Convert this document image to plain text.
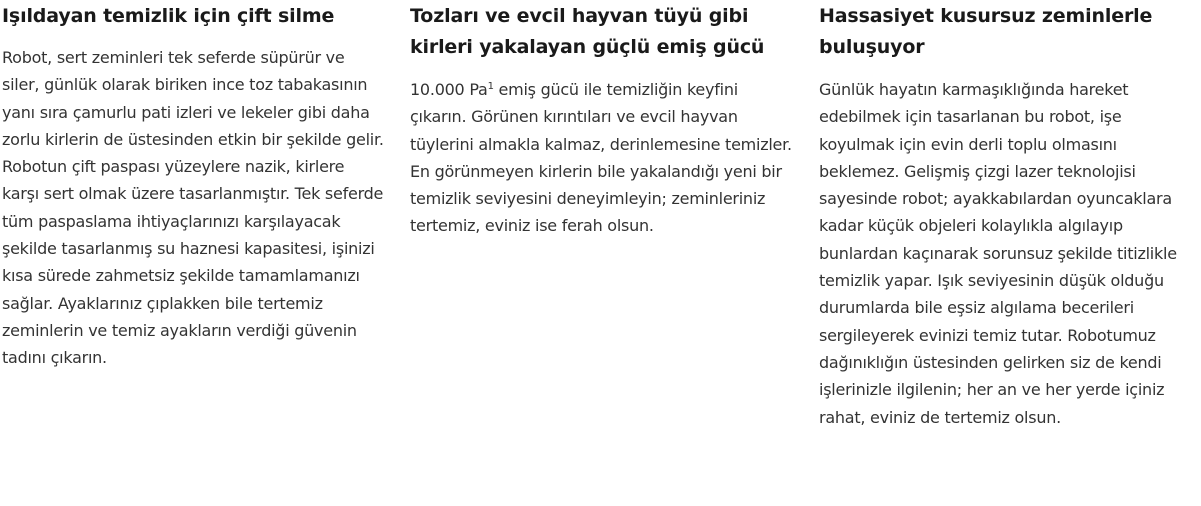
Işıldayan temizlik için çift silme

Robot, sert zeminleri tek seferde süpürür ve siler, günlük olarak biriken ince toz tabakasının yanı sıra çamurlu pati izleri ve lekeler gibi daha zorlu kirlerin de üstesinden etkin bir şekilde gelir. Robotun çift paspası yüzeylere nazik, kirlere karşı sert olmak üzere tasarlanmıştır. Tek seferde tüm paspaslama ihtiyaçlarınızı karşılayacak şekilde tasarlanmış su haznesi kapasitesi, işinizi kısa sürede zahmetsiz şekilde tamamlamanızı sağlar. Ayaklarınız çıplakken bile tertemiz zeminlerin ve temiz ayakların verdiği güvenin tadını çıkarın.

Tozları ve evcil hayvan tüyü gibi kirleri yakalayan güçlü emiş gücü

10.000 Pa$^1$ emiş gücü ile temizliğin keyfini çıkarın. Görünen kırıntıları ve evcil hayvan tüylerini almakla kalmaz, derinlemesine temizler. En görünmeyen kirlerin bile yakalandığı yeni bir temizlik seviyesini deneyimleyin; zeminleriniz tertemiz, eviniz ise ferah olsun.

Hassasiyet kusursuz zeminlerle buluşuyor

Günlük hayatın karmaşıklığında hareket edebilmek için tasarlanan bu robot, işe koyulmak için evin derli toplu olmasını beklemez. Gelişmiş çizgi lazer teknolojisi sayesinde robot; ayakkabılardan oyuncaklara kadar küçük objeleri kolaylıkla algılayıp bunlardan kaçınarak sorunsuz şekilde titizlikle temizlik yapar. Işık seviyesinin düşük olduğu durumlarda bile eşsiz algılama becerileri sergileyerek evinizi temiz tutar. Robotumuz dağınıklığın üstesinden gelirken siz de kendi işlerinizle ilgilenin; her an ve her yerde içiniz rahat, eviniz de tertemiz olsun.
